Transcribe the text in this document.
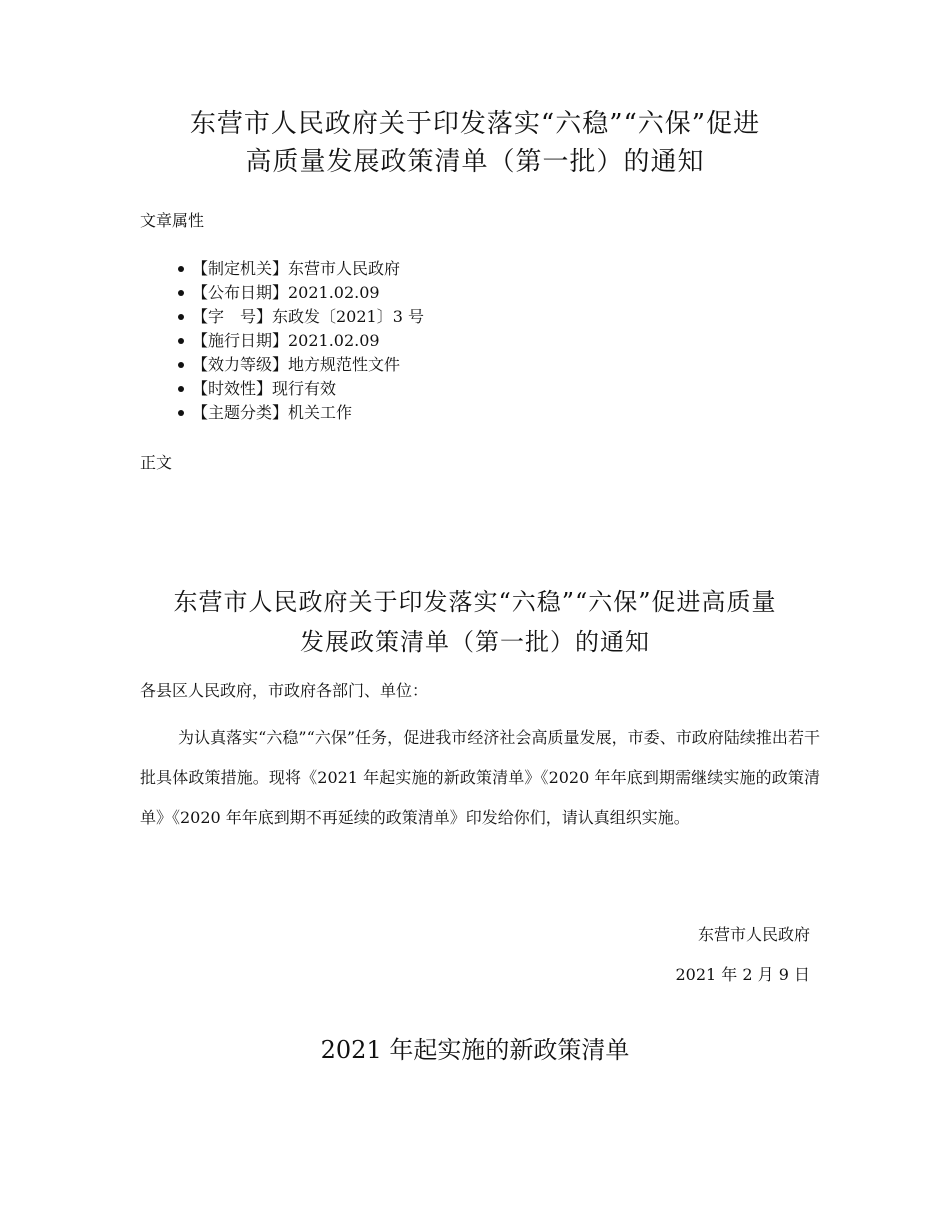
东营市人民政府关于印发落实“六稳”“六保”促进
高质量发展政策清单（第一批）的通知
文章属性
【制定机关】东营市人民政府
【公布日期】2021.02.09
【字　号】东政发〔2021〕3 号
【施行日期】2021.02.09
【效力等级】地方规范性文件
【时效性】现行有效
【主题分类】机关工作
正文
东营市人民政府关于印发落实“六稳”“六保”促进高质量
发展政策清单（第一批）的通知
各县区人民政府，市政府各部门、单位：
为认真落实“六稳”“六保”任务，促进我市经济社会高质量发展，市委、市政府陆续推出若干批具体政策措施。现将《2021 年起实施的新政策清单》《2020 年年底到期需继续实施的政策清单》《2020 年年底到期不再延续的政策清单》印发给你们，请认真组织实施。
东营市人民政府
2021 年 2 月 9 日
2021 年起实施的新政策清单
